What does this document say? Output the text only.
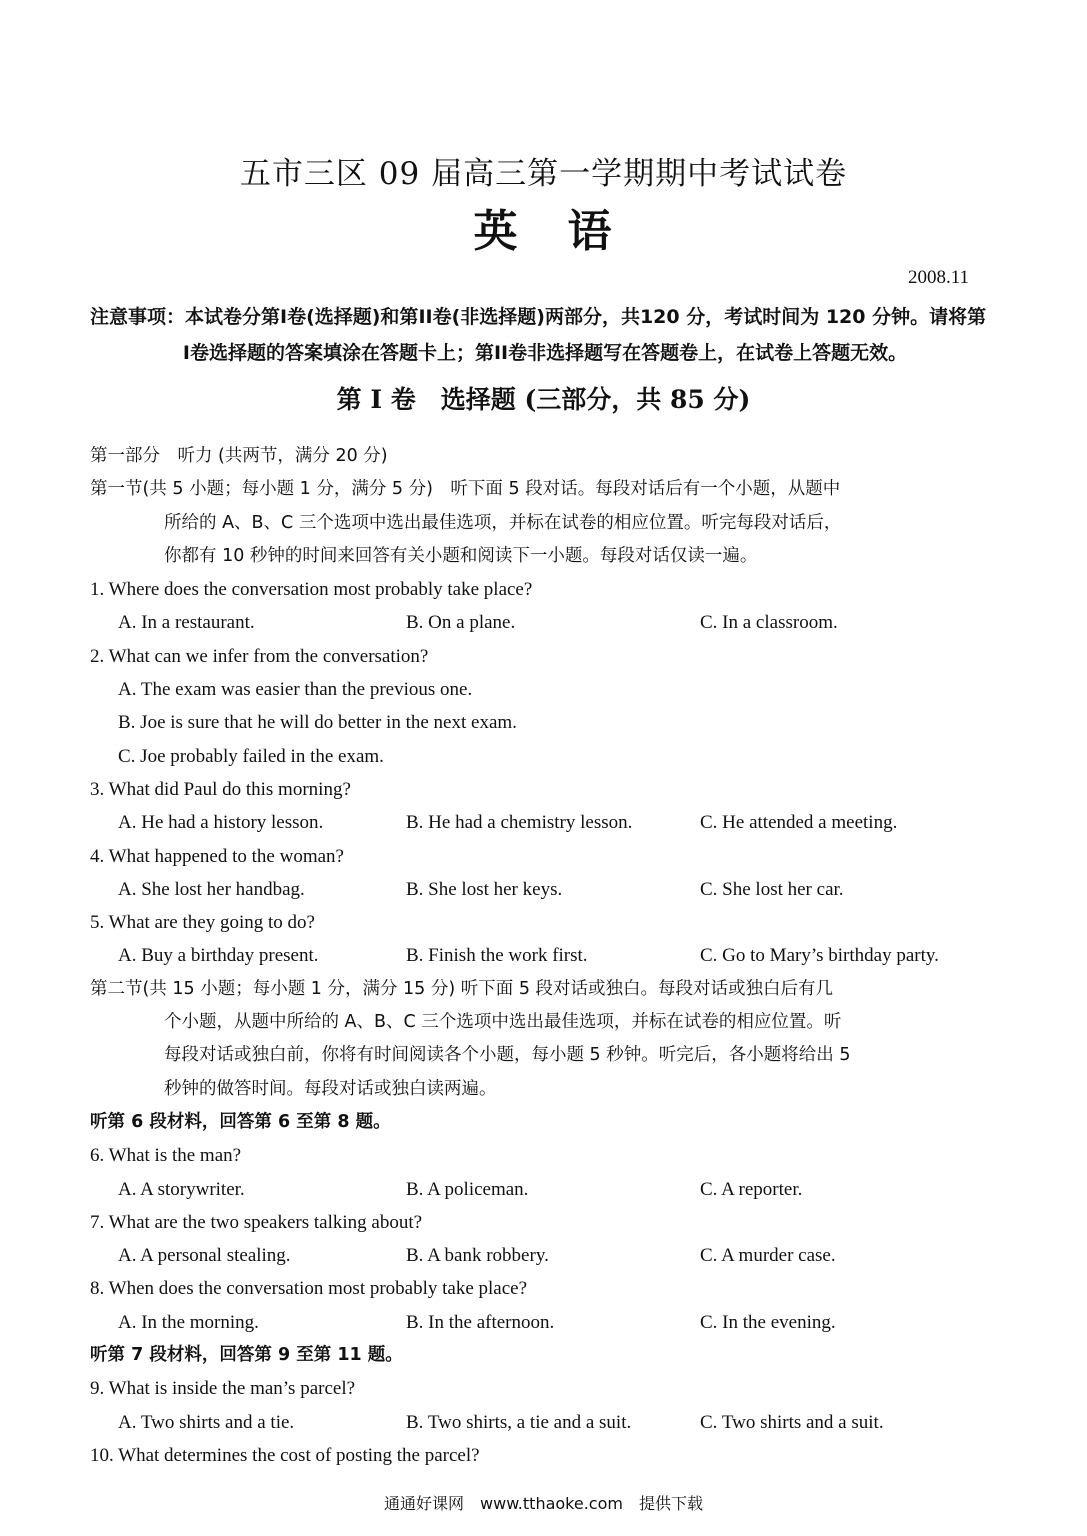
五市三区 09 届高三第一学期期中考试试卷
英 语
2008.11
注意事项：本试卷分第I卷(选择题)和第II卷(非选择题)两部分，共120 分，考试时间为 120 分钟。请将第
I卷选择题的答案填涂在答题卡上；第II卷非选择题写在答题卷上，在试卷上答题无效。
第 I 卷　选择题 (三部分，共 85 分)
第一部分　听力 (共两节，满分 20 分)
第一节(共 5 小题；每小题 1 分，满分 5 分)　听下面 5 段对话。每段对话后有一个小题，从题中
所给的 A、B、C 三个选项中选出最佳选项，并标在试卷的相应位置。听完每段对话后，
你都有 10 秒钟的时间来回答有关小题和阅读下一小题。每段对话仅读一遍。
1. Where does the conversation most probably take place?
A. In a restaurant.	B. On a plane.	C. In a classroom.
2. What can we infer from the conversation?
A. The exam was easier than the previous one.
B. Joe is sure that he will do better in the next exam.
C. Joe probably failed in the exam.
3. What did Paul do this morning?
A. He had a history lesson.	B. He had a chemistry lesson.	C. He attended a meeting.
4. What happened to the woman?
A. She lost her handbag.	B. She lost her keys.	C. She lost her car.
5. What are they going to do?
A. Buy a birthday present.	B. Finish the work first.	C. Go to Mary’s birthday party.
第二节(共 15 小题；每小题 1 分，满分 15 分) 听下面 5 段对话或独白。每段对话或独白后有几
个小题，从题中所给的 A、B、C 三个选项中选出最佳选项，并标在试卷的相应位置。听
每段对话或独白前，你将有时间阅读各个小题，每小题 5 秒钟。听完后，各小题将给出 5
秒钟的做答时间。每段对话或独白读两遍。
听第 6 段材料，回答第 6 至第 8 题。
6. What is the man?
A. A storywriter.	B. A policeman.	C. A reporter.
7. What are the two speakers talking about?
A. A personal stealing.	B. A bank robbery.	C. A murder case.
8. When does the conversation most probably take place?
A. In the morning.	B. In the afternoon.	C. In the evening.
听第 7 段材料，回答第 9 至第 11 题。
9. What is inside the man’s parcel?
A. Two shirts and a tie.	B. Two shirts, a tie and a suit.	C. Two shirts and a suit.
10. What determines the cost of posting the parcel?
通通好课网　www.tthaoke.com　提供下载
